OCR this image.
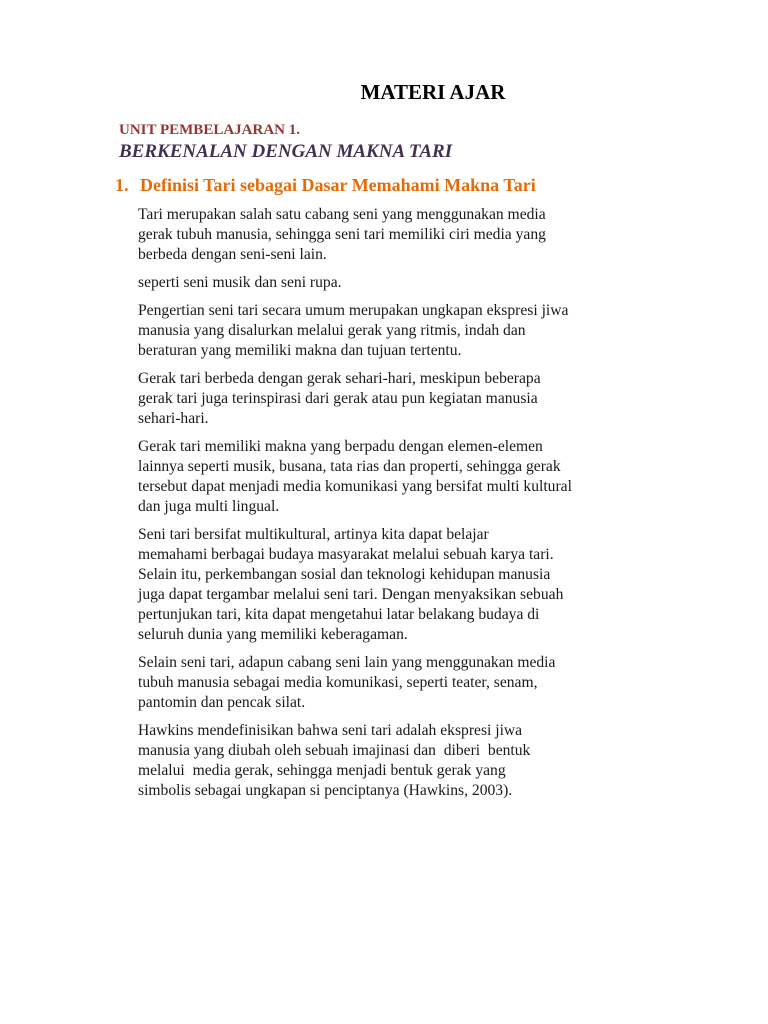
MATERI AJAR
UNIT PEMBELAJARAN 1.
BERKENALAN DENGAN MAKNA TARI
1. Definisi Tari sebagai Dasar Memahami Makna Tari

Tari merupakan salah satu cabang seni yang menggunakan media
gerak tubuh manusia, sehingga seni tari memiliki ciri media yang
berbeda dengan seni-seni lain.

seperti seni musik dan seni rupa.

Pengertian seni tari secara umum merupakan ungkapan ekspresi jiwa
manusia yang disalurkan melalui gerak yang ritmis, indah dan
beraturan yang memiliki makna dan tujuan tertentu.

Gerak tari berbeda dengan gerak sehari-hari, meskipun beberapa
gerak tari juga terinspirasi dari gerak atau pun kegiatan manusia
sehari-hari.

Gerak tari memiliki makna yang berpadu dengan elemen-elemen
lainnya seperti musik, busana, tata rias dan properti, sehingga gerak
tersebut dapat menjadi media komunikasi yang bersifat multi kultural
dan juga multi lingual.

Seni tari bersifat multikultural, artinya kita dapat belajar
memahami berbagai budaya masyarakat melalui sebuah karya tari.
Selain itu, perkembangan sosial dan teknologi kehidupan manusia
juga dapat tergambar melalui seni tari. Dengan menyaksikan sebuah
pertunjukan tari, kita dapat mengetahui latar belakang budaya di
seluruh dunia yang memiliki keberagaman.

Selain seni tari, adapun cabang seni lain yang menggunakan media
tubuh manusia sebagai media komunikasi, seperti teater, senam,
pantomin dan pencak silat.

Hawkins mendefinisikan bahwa seni tari adalah ekspresi jiwa
manusia yang diubah oleh sebuah imajinasi dan  diberi  bentuk
melalui  media gerak, sehingga menjadi bentuk gerak yang
simbolis sebagai ungkapan si penciptanya (Hawkins, 2003).
